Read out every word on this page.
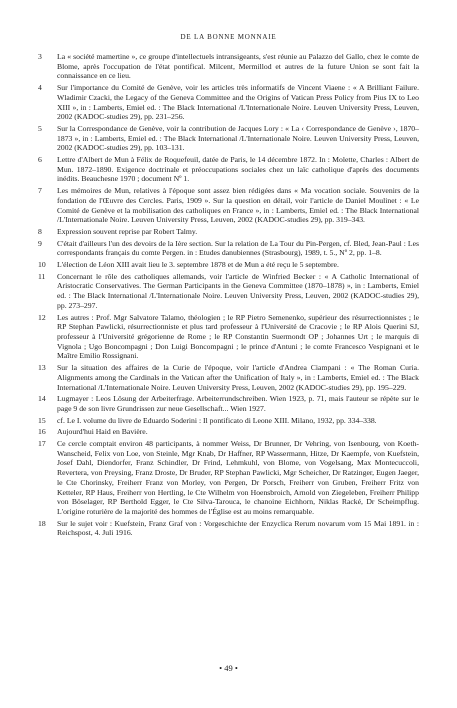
DE LA BONNE MONNAIE
3	La « société mamertine », ce groupe d'intellectuels intransigeants, s'est réunie au Palazzo del Gallo, chez le comte de Blome, après l'occupation de l'état pontifical. Milcent, Mermillod et autres de la future Union se sont fait la connaissance en ce lieu.
4	Sur l'importance du Comité de Genève, voir les articles très informatifs de Vincent Viaene : « A Brilliant Failure. Wladimir Czacki, the Legacy of the Geneva Committee and the Origins of Vatican Press Policy from Pius IX to Leo XIII », in : Lamberts, Emiel ed. : The Black International /L'Internationale Noire. Leuven University Press, Leuven, 2002 (KADOC-studies 29), pp. 231–256.
5	Sur la Correspondance de Genève, voir la contribution de Jacques Lory : « La ‹ Correspondance de Genève ›, 1870–1873 », in : Lamberts, Emiel ed. : The Black International /L'Internationale Noire. Leuven University Press, Leuven, 2002 (KADOC-studies 29), pp. 103–131.
6	Lettre d'Albert de Mun à Félix de Roquefeuil, datée de Paris, le 14 décembre 1872. In : Molette, Charles : Albert de Mun. 1872–1890. Exigence doctrinale et préoccupations sociales chez un laïc catholique d'après des documents inédits. Beauchesne 1970 ; document Nº 1.
7	Les mémoires de Mun, relatives à l'époque sont assez bien rédigées dans « Ma vocation sociale. Souvenirs de la fondation de l'Œuvre des Cercles. Paris, 1909 ». Sur la question en détail, voir l'article de Daniel Moulinet : « Le Comité de Genève et la mobilisation des catholiques en France », in : Lamberts, Emiel ed. : The Black International /L'Internationale Noire. Leuven University Press, Leuven, 2002 (KADOC-studies 29), pp. 319–343.
8	Expression souvent reprise par Robert Talmy.
9	C'était d'ailleurs l'un des devoirs de la Ière section. Sur la relation de La Tour du Pin-Pergen, cf. Bled, Jean-Paul : Les correspondants français du comte Pergen. in : Etudes danubiennes (Strasbourg), 1989, t. 5., Nº 2, pp. 1–8.
10	L'élection de Léon XIII avait lieu le 3. septembre 1878 et de Mun a été reçu le 5 septembre.
11	Concernant le rôle des catholiques allemands, voir l'article de Winfried Becker : « A Catholic International of Aristocratic Conservatives. The German Participants in the Geneva Committee (1870–1878) », in : Lamberts, Emiel ed. : The Black International /L'Internationale Noire. Leuven University Press, Leuven, 2002 (KADOC-studies 29), pp. 273–297.
12	Les autres : Prof. Mgr Salvatore Talamo, théologien ; le RP Pietro Semenenko, supérieur des résurrectionnistes ; le RP Stephan Pawlicki, résurrectionniste et plus tard professeur à l'Université de Cracovie ; le RP Alois Querini SJ, professeur à l'Université grégorienne de Rome ; le RP Constantin Suermondt OP ; Johannes Urt ; le marquis di Vignola ; Ugo Boncompagni ; Don Luigi Boncompagni ; le prince d'Antuni ; le comte Francesco Vespignani et le Maître Emilio Rossignani.
13	Sur la situation des affaires de la Curie de l'époque, voir l'article d'Andrea Ciampani : « The Roman Curia. Alignments among the Cardinals in the Vatican after the Unification of Italy », in : Lamberts, Emiel ed. : The Black International /L'Internationale Noire. Leuven University Press, Leuven, 2002 (KADOC-studies 29), pp. 195–229.
14	Lugmayer : Leos Lösung der Arbeiterfrage. Arbeiterrundschreiben. Wien 1923, p. 71, mais l'auteur se répète sur le page 9 de son livre Grundrissen zur neue Gesellschaft... Wien 1927.
15	cf. Le I. volume du livre de Eduardo Soderini : Il pontificato di Leone XIII. Milano, 1932, pp. 334–338.
16	Aujourd'hui Haid en Bavière.
17	Ce cercle comptait environ 48 participants, à nommer Weiss, Dr Brunner, Dr Vehring, von Isenbourg, von Koeth-Wanscheid, Felix von Loe, von Steinle, Mgr Knab, Dr Haffner, RP Wassermann, Hitze, Dr Kaempfe, von Kuefstein, Josef Dahl, Diendorfer, Franz Schindler, Dr Frind, Lehmkuhl, von Blome, von Vogelsang, Max Montecuccoli, Revertera, von Preysing, Franz Droste, Dr Bruder, RP Stephan Pawlicki, Mgr Scheicher, Dr Ratzinger, Eugen Jaeger, le Cte Chorinsky, Freiherr Franz von Morley, von Pergen, Dr Porsch, Freiherr von Gruben, Freiherr Fritz von Ketteler, RP Haus, Freiherr von Hertling, le Cte Wilhelm von Hoensbroich, Arnold von Ziegeleben, Freiherr Philipp von Böselager, RP Berthold Egger, le Cte Silva-Tarouca, le chanoine Eichhorn, Niklas Racké, Dr Scheimpflug. L'origine roturière de la majorité des hommes de l'Église est au moins remarquable.
18	Sur le sujet voir : Kuefstein, Franz Graf von : Vorgeschichte der Enzyclica Rerum novarum vom 15 Mai 1891. in : Reichspost, 4. Juli 1916.
• 49 •
